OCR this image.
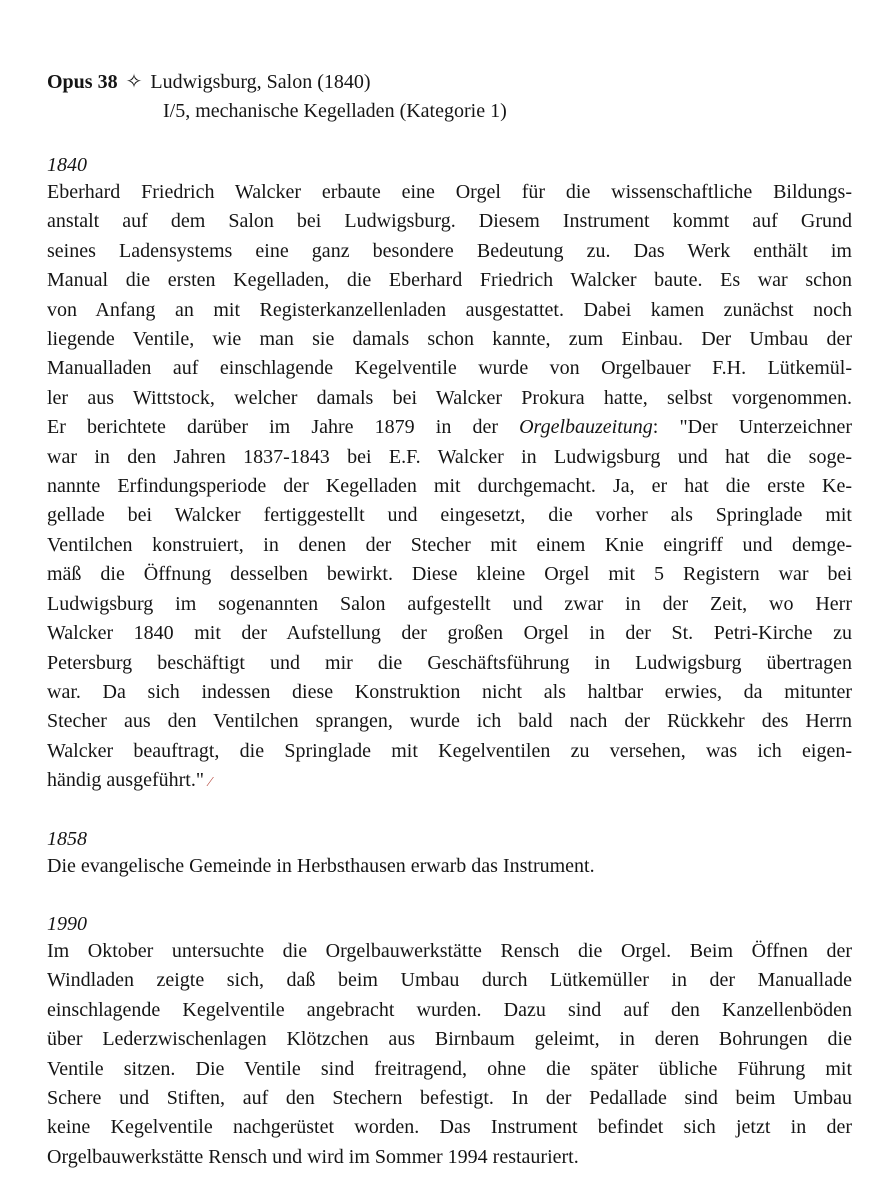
Opus 38 ✧ Ludwigsburg, Salon (1840)
I/5, mechanische Kegelladen (Kategorie 1)
1840
Eberhard Friedrich Walcker erbaute eine Orgel für die wissenschaftliche Bildungs-
anstalt auf dem Salon bei Ludwigsburg. Diesem Instrument kommt auf Grund
seines Ladensystems eine ganz besondere Bedeutung zu. Das Werk enthält im
Manual die ersten Kegelladen, die Eberhard Friedrich Walcker baute. Es war schon
von Anfang an mit Registerkanzellenladen ausgestattet. Dabei kamen zunächst noch
liegende Ventile, wie man sie damals schon kannte, zum Einbau. Der Umbau der
Manualladen auf einschlagende Kegelventile wurde von Orgelbauer F.H. Lütkemül-
ler aus Wittstock, welcher damals bei Walcker Prokura hatte, selbst vorgenommen.
Er berichtete darüber im Jahre 1879 in der Orgelbauzeitung: "Der Unterzeichner
war in den Jahren 1837-1843 bei E.F. Walcker in Ludwigsburg und hat die soge-
nannte Erfindungsperiode der Kegelladen mit durchgemacht. Ja, er hat die erste Ke-
gellade bei Walcker fertiggestellt und eingesetzt, die vorher als Springlade mit
Ventilchen konstruiert, in denen der Stecher mit einem Knie eingriff und demge-
mäß die Öffnung desselben bewirkt. Diese kleine Orgel mit 5 Registern war bei
Ludwigsburg im sogenannten Salon aufgestellt und zwar in der Zeit, wo Herr
Walcker 1840 mit der Aufstellung der großen Orgel in der St. Petri-Kirche zu
Petersburg beschäftigt und mir die Geschäftsführung in Ludwigsburg übertragen
war. Da sich indessen diese Konstruktion nicht als haltbar erwies, da mitunter
Stecher aus den Ventilchen sprangen, wurde ich bald nach der Rückkehr des Herrn
Walcker beauftragt, die Springlade mit Kegelventilen zu versehen, was ich eigen-
händig ausgeführt." ⁄
1858
Die evangelische Gemeinde in Herbsthausen erwarb das Instrument.
1990
Im Oktober untersuchte die Orgelbauwerkstätte Rensch die Orgel. Beim Öffnen der
Windladen zeigte sich, daß beim Umbau durch Lütkemüller in der Manuallade
einschlagende Kegelventile angebracht wurden. Dazu sind auf den Kanzellenböden
über Lederzwischenlagen Klötzchen aus Birnbaum geleimt, in deren Bohrungen die
Ventile sitzen. Die Ventile sind freitragend, ohne die später übliche Führung mit
Schere und Stiften, auf den Stechern befestigt. In der Pedallade sind beim Umbau
keine Kegelventile nachgerüstet worden. Das Instrument befindet sich jetzt in der
Orgelbauwerkstätte Rensch und wird im Sommer 1994 restauriert.
